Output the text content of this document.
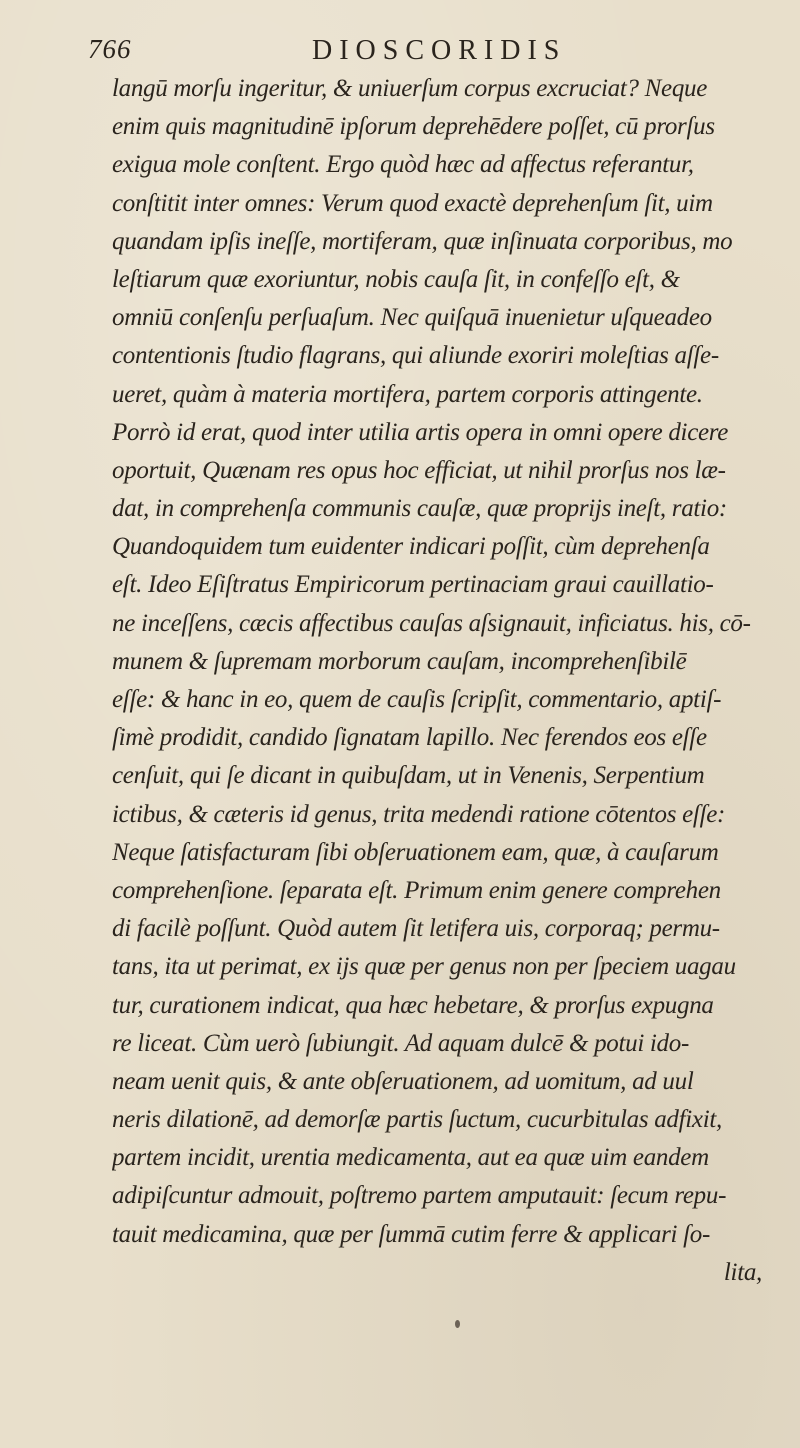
766	DIOSCORIDIS
langū morſu ingeritur, & uniuerſum corpus excruciat? Neque
enim quis magnitudinē ipſorum deprehēdere poſſet, cū prorſus
exigua mole conſtent. Ergo quòd hæc ad affectus referantur,
conſtitit inter omnes: Verum quod exactè deprehenſum ſit, uim
quandam ipſis ineſſe, mortiferam, quæ inſinuata corporibus, mo
leſtiarum quæ exoriuntur, nobis cauſa ſit, in confeſſo eſt, &
omniū conſenſu perſuaſum. Nec quiſquā inuenietur uſqueadeo
contentionis ſtudio flagrans, qui aliunde exoriri moleſtias aſſe-
ueret, quàm à materia mortifera, partem corporis attingente.
Porrò id erat, quod inter utilia artis opera in omni opere dicere
oportuit, Quænam res opus hoc efficiat, ut nihil prorſus nos læ-
dat, in comprehenſa communis cauſæ, quæ proprijs ineſt, ratio:
Quandoquidem tum euidenter indicari poſſit, cùm deprehenſa
eſt. Ideo Eſiſtratus Empiricorum pertinaciam graui cauillatio-
ne inceſſens, cæcis affectibus cauſas aſsignauit, inficiatus. his, cō-
munem & ſupremam morborum cauſam, incomprehenſibilē
eſſe: & hanc in eo, quem de cauſis ſcripſit, commentario, aptiſ-
ſimè prodidit, candido ſignatam lapillo. Nec ferendos eos eſſe
cenſuit, qui ſe dicant in quibuſdam, ut in Venenis, Serpentium
ictibus, & cæteris id genus, trita medendi ratione cōtentos eſſe:
Neque ſatisfacturam ſibi obſeruationem eam, quæ, à cauſarum
comprehenſione. ſeparata eſt. Primum enim genere comprehen
di facilè poſſunt. Quòd autem ſit letifera uis, corporaq; permu-
tans, ita ut perimat, ex ijs quæ per genus non per ſpeciem uagau
tur, curationem indicat, qua hæc hebetare, & prorſus expugna
re liceat. Cùm uerò ſubiungit. Ad aquam dulcē & potui ido-
neam uenit quis, & ante obſeruationem, ad uomitum, ad uul
neris dilationē, ad demorſæ partis ſuctum, cucurbitulas adfixit,
partem incidit, urentia medicamenta, aut ea quæ uim eandem
adipiſcuntur admouit, poſtremo partem amputauit: ſecum repu-
tauit medicamina, quæ per ſummā cutim ferre & applicari ſo-
lita,
